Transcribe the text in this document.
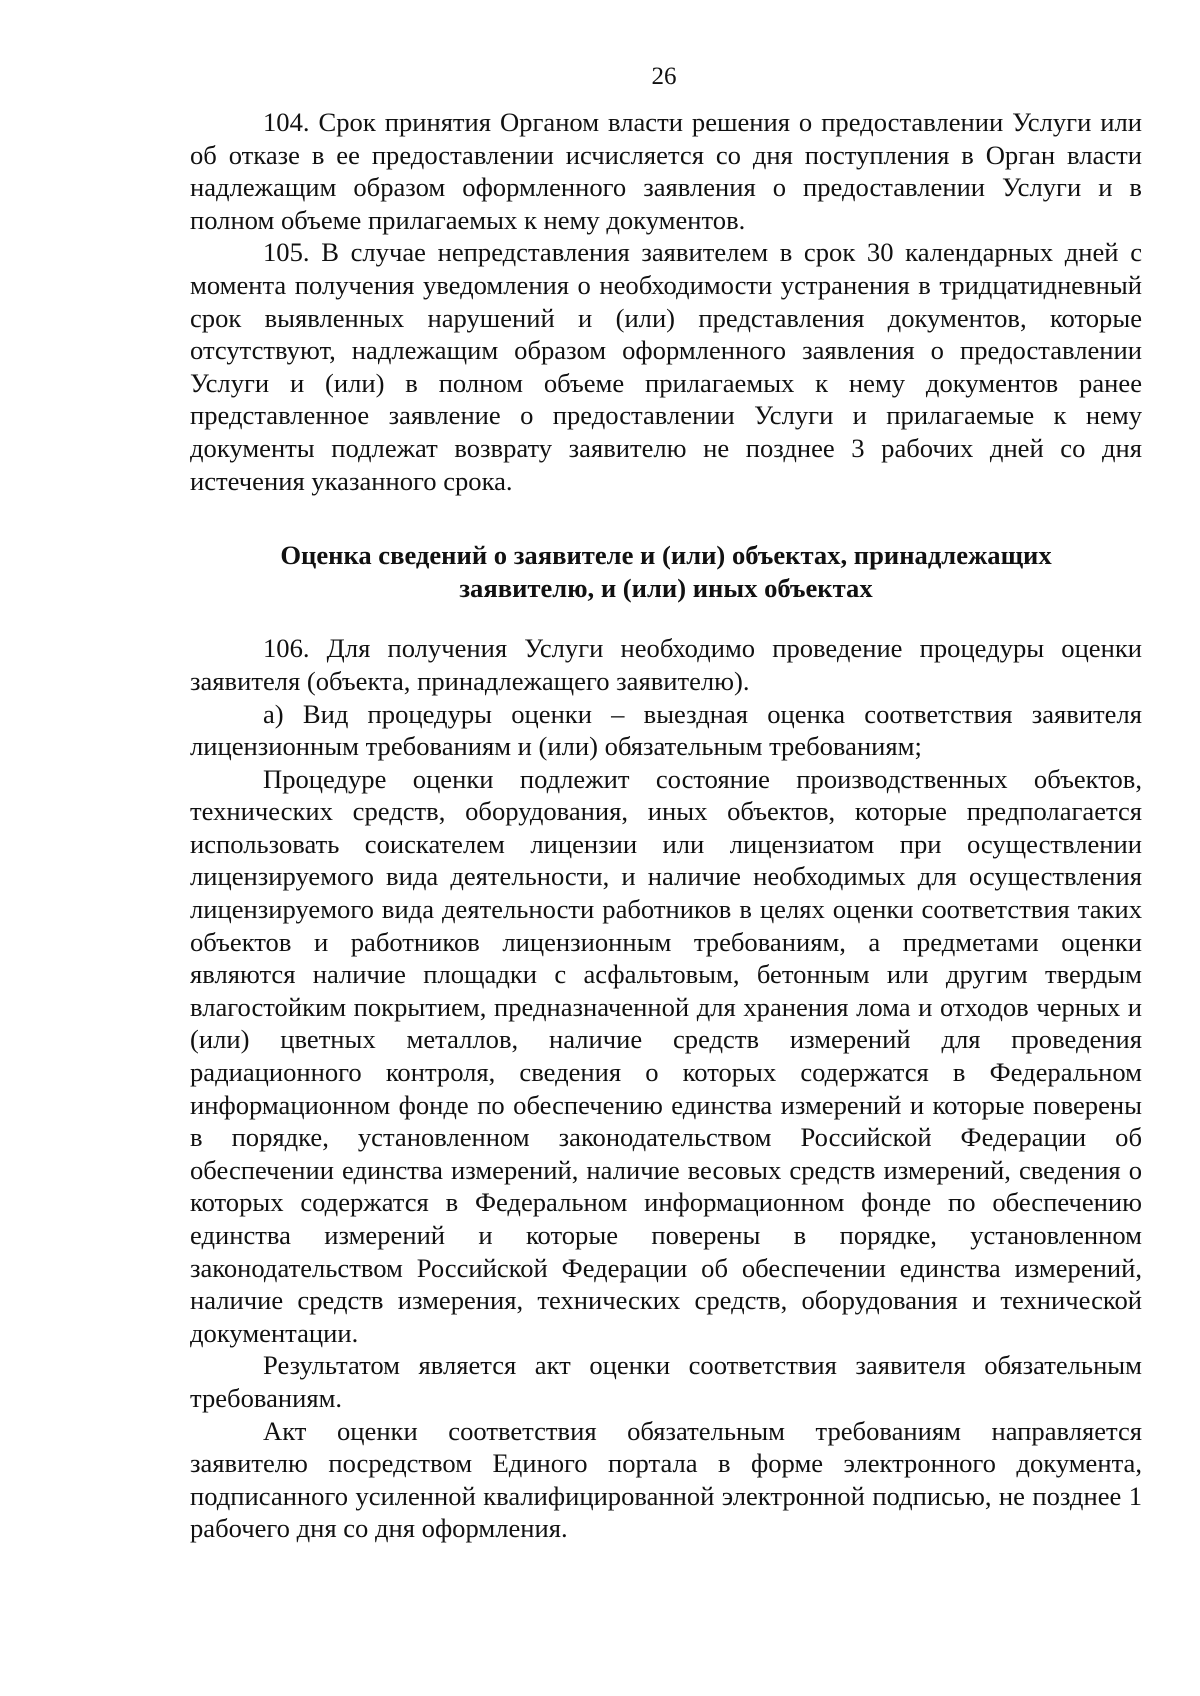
26

104. Срок принятия Органом власти решения о предоставлении Услуги или об отказе в ее предоставлении исчисляется со дня поступления в Орган власти надлежащим образом оформленного заявления о предоставлении Услуги и в полном объеме прилагаемых к нему документов.

105. В случае непредставления заявителем в срок 30 календарных дней с момента получения уведомления о необходимости устранения в тридцатидневный срок выявленных нарушений и (или) представления документов, которые отсутствуют, надлежащим образом оформленного заявления о предоставлении Услуги и (или) в полном объеме прилагаемых к нему документов ранее представленное заявление о предоставлении Услуги и прилагаемые к нему документы подлежат возврату заявителю не позднее 3 рабочих дней со дня истечения указанного срока.

Оценка сведений о заявителе и (или) объектах, принадлежащих

заявителю, и (или) иных объектах

106. Для получения Услуги необходимо проведение процедуры оценки заявителя (объекта, принадлежащего заявителю).

а) Вид процедуры оценки – выездная оценка соответствия заявителя лицензионным требованиям и (или) обязательным требованиям;

Процедуре оценки подлежит состояние производственных объектов, технических средств, оборудования, иных объектов, которые предполагается использовать соискателем лицензии или лицензиатом при осуществлении лицензируемого вида деятельности, и наличие необходимых для осуществления лицензируемого вида деятельности работников в целях оценки соответствия таких объектов и работников лицензионным требованиям, а предметами оценки являются наличие площадки с асфальтовым, бетонным или другим твердым влагостойким покрытием, предназначенной для хранения лома и отходов черных и (или) цветных металлов, наличие средств измерений для проведения радиационного контроля, сведения о которых содержатся в Федеральном информационном фонде по обеспечению единства измерений и которые поверены в порядке, установленном законодательством Российской Федерации об обеспечении единства измерений, наличие весовых средств измерений, сведения о которых содержатся в Федеральном информационном фонде по обеспечению единства измерений и которые поверены в порядке, установленном законодательством Российской Федерации об обеспечении единства измерений, наличие средств измерения, технических средств, оборудования и технической документации.

Результатом является акт оценки соответствия заявителя обязательным требованиям.

Акт оценки соответствия обязательным требованиям направляется заявителю посредством Единого портала в форме электронного документа, подписанного усиленной квалифицированной электронной подписью, не позднее 1 рабочего дня со дня оформления.
